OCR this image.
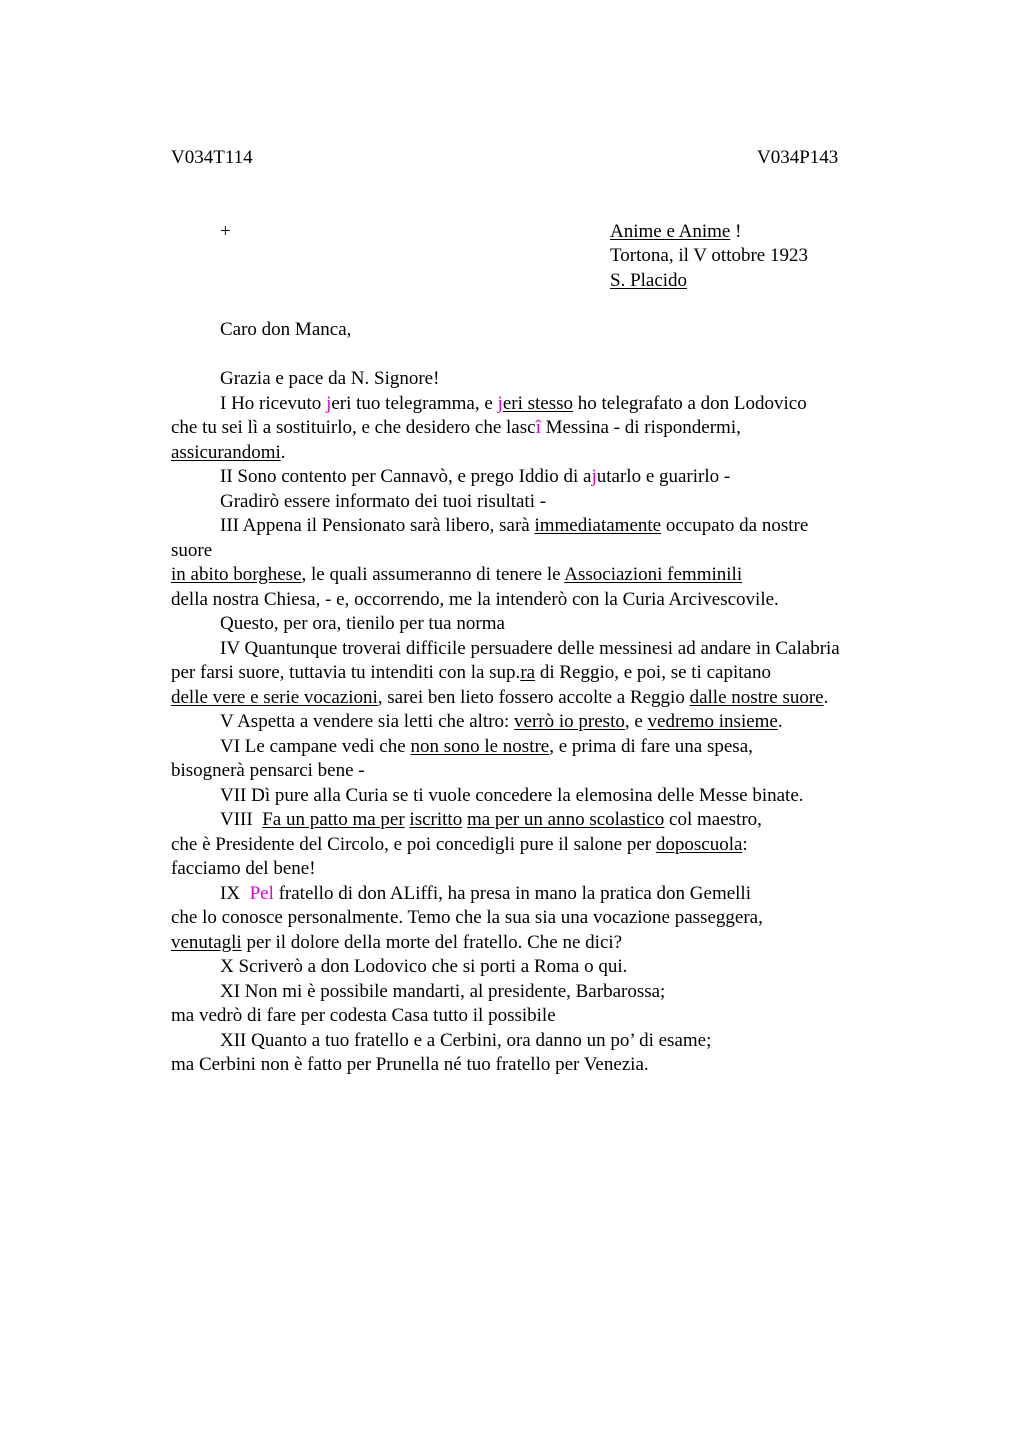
V034T114	V034P143
+	Anime e Anime !
Tortona, il V ottobre 1923
S. Placido
Caro don Manca,
Grazia e pace da N. Signore!
I Ho ricevuto jeri tuo telegramma, e jeri stesso ho telegrafato a don Lodovico
che tu sei lì a sostituirlo, e che desidero che lascî Messina - di rispondermi,
assicurandomi.
II Sono contento per Cannavò, e prego Iddio di ajutarlo e guarirlo -
Gradirò essere informato dei tuoi risultati -
III Appena il Pensionato sarà libero, sarà immediatamente occupato da nostre
suore
in abito borghese, le quali assumeranno di tenere le Associazioni femminili
della nostra Chiesa, - e, occorrendo, me la intenderò con la Curia Arcivescovile.
Questo, per ora, tienilo per tua norma
IV Quantunque troverai difficile persuadere delle messinesi ad andare in Calabria
per farsi suore, tuttavia tu intenditi con la sup.ra di Reggio, e poi, se ti capitano
delle vere e serie vocazioni, sarei ben lieto fossero accolte a Reggio dalle nostre suore.
V Aspetta a vendere sia letti che altro: verrò io presto, e vedremo insieme.
VI Le campane vedi che non sono le nostre, e prima di fare una spesa,
bisognerà pensarci bene -
VII Dì pure alla Curia se ti vuole concedere la elemosina delle Messe binate.
VIII  Fa un patto ma per iscritto ma per un anno scolastico col maestro,
che è Presidente del Circolo, e poi concedigli pure il salone per doposcuola:
facciamo del bene!
IX  Pel fratello di don ALiffi, ha presa in mano la pratica don Gemelli
che lo conosce personalmente. Temo che la sua sia una vocazione passeggera,
venutagli per il dolore della morte del fratello. Che ne dici?
X Scriverò a don Lodovico che si porti a Roma o qui.
XI Non mi è possibile mandarti, al presidente, Barbarossa;
ma vedrò di fare per codesta Casa tutto il possibile
XII Quanto a tuo fratello e a Cerbini, ora danno un po’ di esame;
ma Cerbini non è fatto per Prunella né tuo fratello per Venezia.
